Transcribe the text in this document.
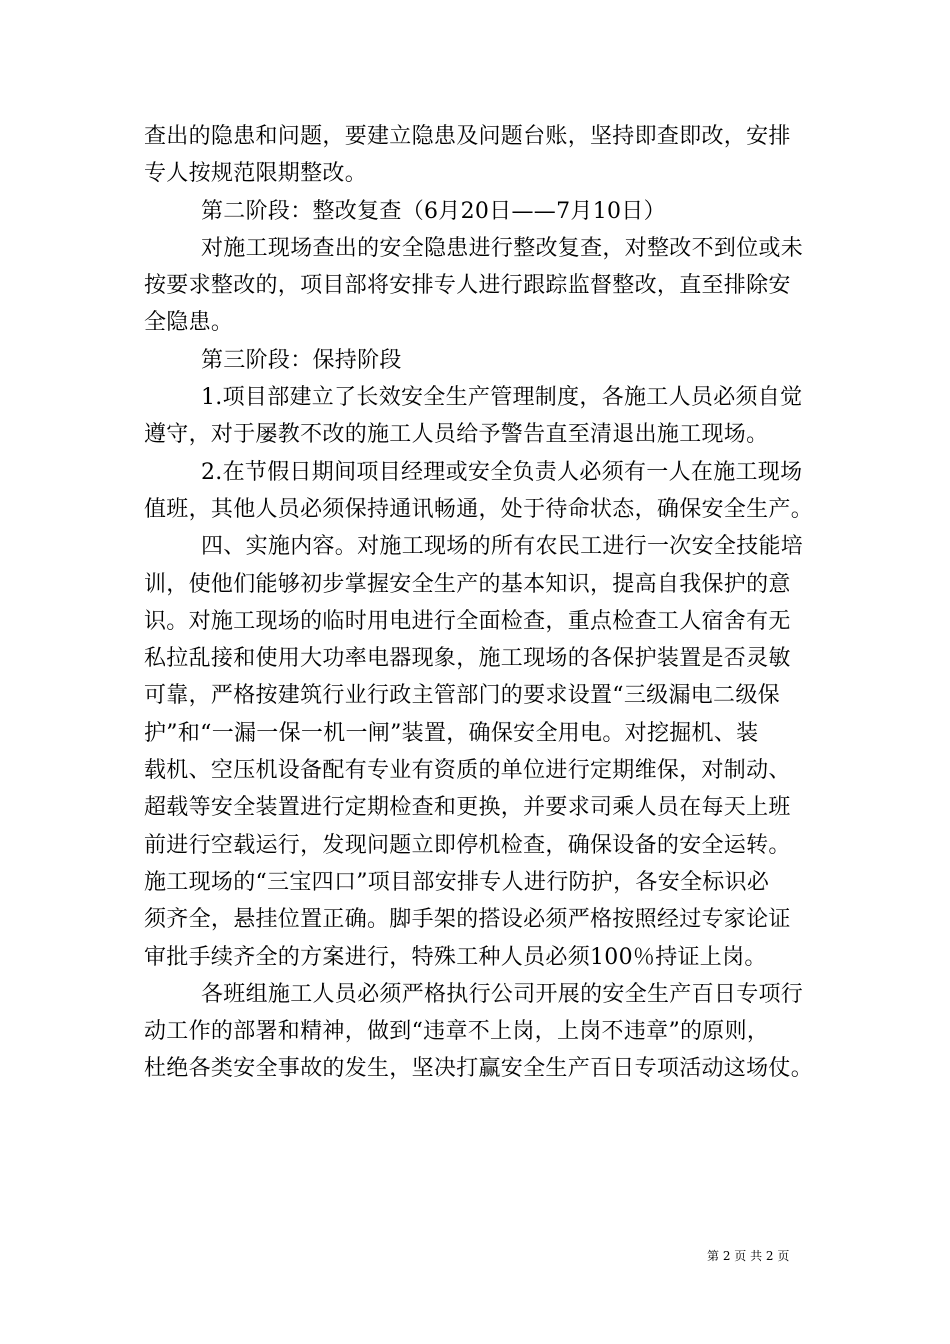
查出的隐患和问题，要建立隐患及问题台账，坚持即查即改，安排
专人按规范限期整改。
第二阶段：整改复查（6月20日——7月10日）
对施工现场查出的安全隐患进行整改复查，对整改不到位或未
按要求整改的，项目部将安排专人进行跟踪监督整改，直至排除安
全隐患。
第三阶段：保持阶段
1.项目部建立了长效安全生产管理制度，各施工人员必须自觉
遵守，对于屡教不改的施工人员给予警告直至清退出施工现场。
2.在节假日期间项目经理或安全负责人必须有一人在施工现场
值班，其他人员必须保持通讯畅通，处于待命状态，确保安全生产。
四、实施内容。对施工现场的所有农民工进行一次安全技能培
训，使他们能够初步掌握安全生产的基本知识，提高自我保护的意
识。对施工现场的临时用电进行全面检查，重点检查工人宿舍有无
私拉乱接和使用大功率电器现象，施工现场的各保护装置是否灵敏
可靠，严格按建筑行业行政主管部门的要求设置“三级漏电二级保
护”和“一漏一保一机一闸”装置，确保安全用电。对挖掘机、装
载机、空压机设备配有专业有资质的单位进行定期维保，对制动、
超载等安全装置进行定期检查和更换，并要求司乘人员在每天上班
前进行空载运行，发现问题立即停机检查，确保设备的安全运转。
施工现场的“三宝四口”项目部安排专人进行防护，各安全标识必
须齐全，悬挂位置正确。脚手架的搭设必须严格按照经过专家论证
审批手续齐全的方案进行，特殊工种人员必须100％持证上岗。
各班组施工人员必须严格执行公司开展的安全生产百日专项行
动工作的部署和精神，做到“违章不上岗，上岗不违章”的原则，
杜绝各类安全事故的发生，坚决打赢安全生产百日专项活动这场仗。
第 2 页 共 2 页
